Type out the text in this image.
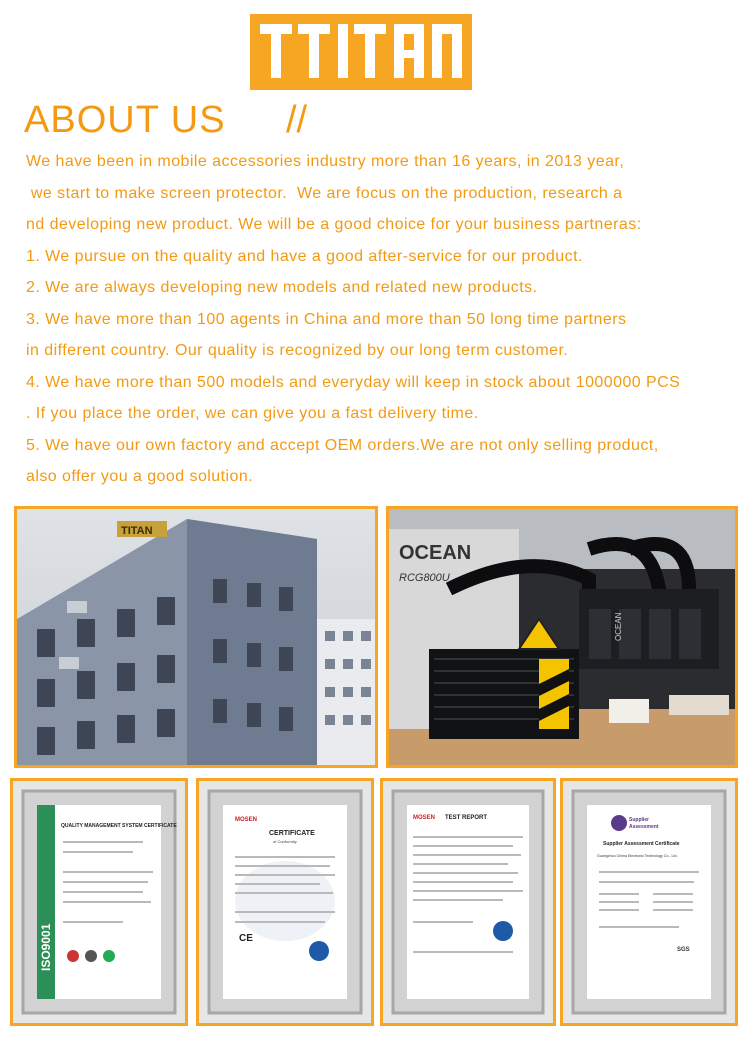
T	E	C	H
ABOUT US //
We have been in mobile accessories industry more than 16 years, in 2013 year,
we start to make screen protector.  We are focus on the production, research a
nd developing new product. We will be a good choice for your business partneras:
1. We pursue on the quality and have a good after-service for our product.
2. We are always developing new models and related new products.
3. We have more than 100 agents in China and more than 50 long time partners
in different country. Our quality is recognized by our long term customer.
4. We have more than 500 models and everyday will keep in stock about 1000000 PCS
. If you place the order, we can give you a fast delivery time.
5. We have our own factory and accept OEM orders.We are not only selling product,
also offer you a good solution.
TITAN
OCEAN
RCG800U
OCEAN
ISO9001
QUALITY MANAGEMENT SYSTEM CERTIFICATE
MOSEN
CERTIFICATE
of Conformity
CE
MOSEN TEST REPORT	Supplier
Assessment
Supplier Assessment Certificate
Guangzhou Chima Electronic Technology Co., Ltd.
SGS
